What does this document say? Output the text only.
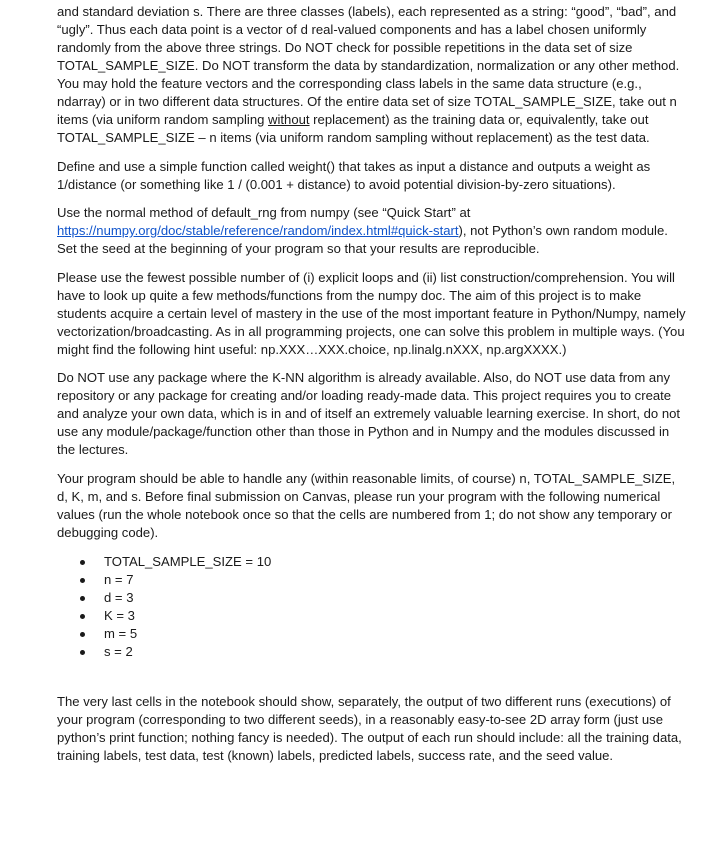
and standard deviation s. There are three classes (labels), each represented as a string: “good”, “bad”, and “ugly”. Thus each data point is a vector of d real-valued components and has a label chosen uniformly randomly from the above three strings. Do NOT check for possible repetitions in the data set of size TOTAL_SAMPLE_SIZE. Do NOT transform the data by standardization, normalization or any other method. You may hold the feature vectors and the corresponding class labels in the same data structure (e.g., ndarray) or in two different data structures. Of the entire data set of size TOTAL_SAMPLE_SIZE, take out n items (via uniform random sampling without replacement) as the training data or, equivalently, take out TOTAL_SAMPLE_SIZE – n items (via uniform random sampling without replacement) as the test data.

Define and use a simple function called weight() that takes as input a distance and outputs a weight as 1/distance (or something like 1 / (0.001 + distance) to avoid potential division-by-zero situations).

Use the normal method of default_rng from numpy (see “Quick Start” at
https://numpy.org/doc/stable/reference/random/index.html#quick-start), not Python’s own random module. Set the seed at the beginning of your program so that your results are reproducible.

Please use the fewest possible number of (i) explicit loops and (ii) list construction/comprehension. You will have to look up quite a few methods/functions from the numpy doc. The aim of this project is to make students acquire a certain level of mastery in the use of the most important feature in Python/Numpy, namely vectorization/broadcasting. As in all programming projects, one can solve this problem in multiple ways. (You might find the following hint useful: np.XXX…XXX.choice, np.linalg.nXXX, np.argXXXX.)

Do NOT use any package where the K-NN algorithm is already available. Also, do NOT use data from any repository or any package for creating and/or loading ready-made data. This project requires you to create and analyze your own data, which is in and of itself an extremely valuable learning exercise. In short, do not use any module/package/function other than those in Python and in Numpy and the modules discussed in the lectures.

Your program should be able to handle any (within reasonable limits, of course) n, TOTAL_SAMPLE_SIZE, d, K, m, and s. Before final submission on Canvas, please run your program with the following numerical values (run the whole notebook once so that the cells are numbered from 1; do not show any temporary or debugging code).

TOTAL_SAMPLE_SIZE = 10
n = 7
d = 3
K = 3
m = 5
s = 2

The very last cells in the notebook should show, separately, the output of two different runs (executions) of your program (corresponding to two different seeds), in a reasonably easy-to-see 2D array form (just use python’s print function; nothing fancy is needed). The output of each run should include: all the training data, training labels, test data, test (known) labels, predicted labels, success rate, and the seed value.
